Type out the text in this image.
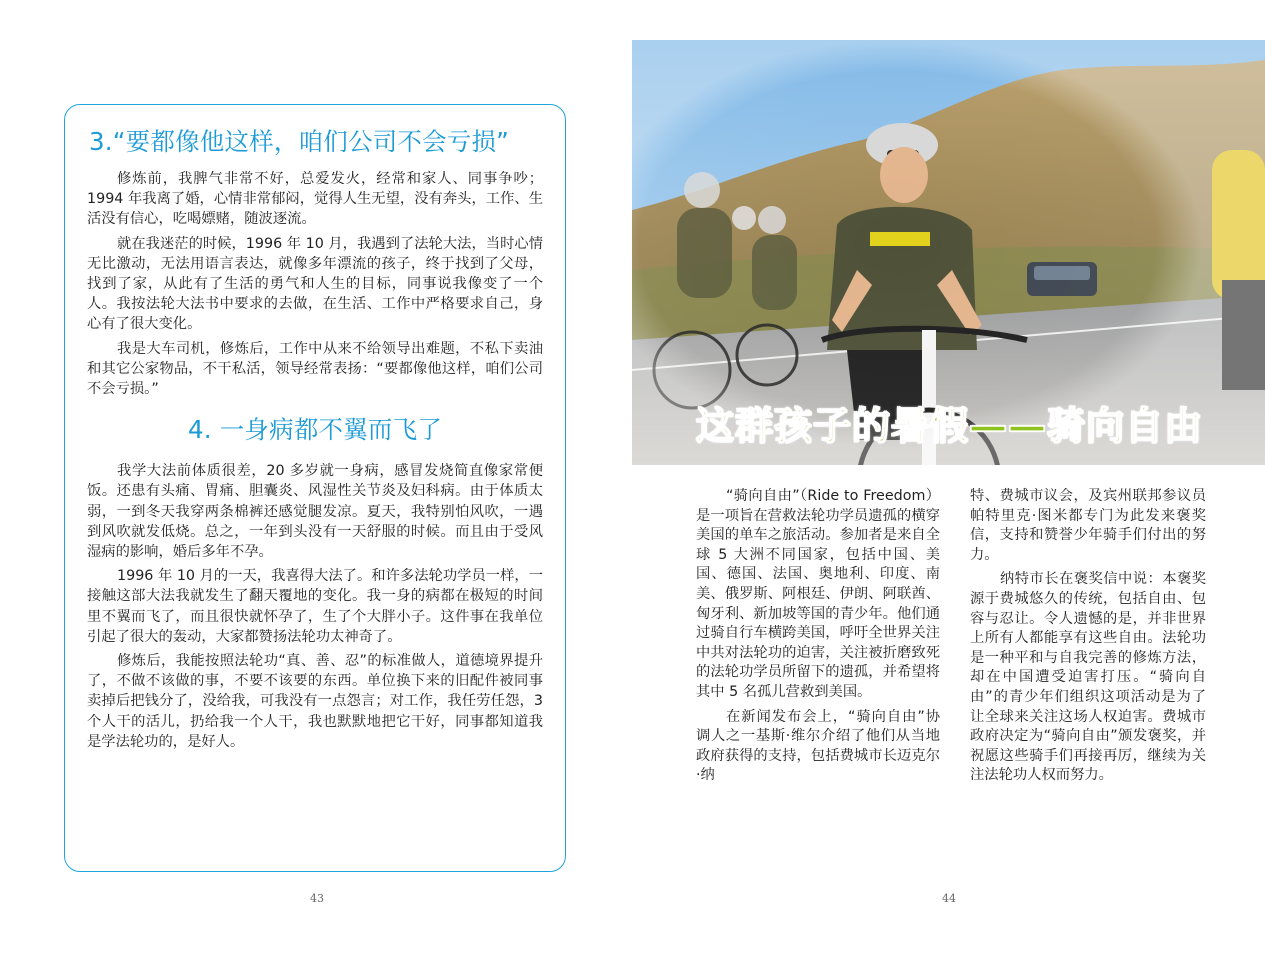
3.“要都像他这样，咱们公司不会亏损”

修炼前，我脾气非常不好，总爱发火，经常和家人、同事争吵；1994 年我离了婚，心情非常郁闷，觉得人生无望，没有奔头，工作、生活没有信心，吃喝嫖赌，随波逐流。

就在我迷茫的时候，1996 年 10 月，我遇到了法轮大法，当时心情无比激动，无法用语言表达，就像多年漂流的孩子，终于找到了父母，找到了家，从此有了生活的勇气和人生的目标，同事说我像变了一个人。我按法轮大法书中要求的去做，在生活、工作中严格要求自己，身心有了很大变化。

我是大车司机，修炼后，工作中从来不给领导出难题，不私下卖油和其它公家物品，不干私活，领导经常表扬：“要都像他这样，咱们公司不会亏损。”

4. 一身病都不翼而飞了

我学大法前体质很差，20 多岁就一身病，感冒发烧简直像家常便饭。还患有头痛、胃痛、胆囊炎、风湿性关节炎及妇科病。由于体质太弱，一到冬天我穿两条棉裤还感觉腿发凉。夏天，我特别怕风吹，一遇到风吹就发低烧。总之，一年到头没有一天舒服的时候。而且由于受风湿病的影响，婚后多年不孕。

1996 年 10 月的一天，我喜得大法了。和许多法轮功学员一样，一接触这部大法我就发生了翻天覆地的变化。我一身的病都在极短的时间里不翼而飞了，而且很快就怀孕了，生了个大胖小子。这件事在我单位引起了很大的轰动，大家都赞扬法轮功太神奇了。

修炼后，我能按照法轮功“真、善、忍”的标准做人，道德境界提升了，不做不该做的事，不要不该要的东西。单位换下来的旧配件被同事卖掉后把钱分了，没给我，可我没有一点怨言；对工作，我任劳任怨，3 个人干的活儿，扔给我一个人干，我也默默地把它干好，同事都知道我是学法轮功的，是好人。

43
这群孩子的暑假——骑向自由

“骑向自由”（Ride to Freedom）是一项旨在营救法轮功学员遗孤的横穿美国的单车之旅活动。参加者是来自全球 5 大洲不同国家，包括中国、美国、德国、法国、奥地利、印度、南美、俄罗斯、阿根廷、伊朗、阿联酋、匈牙利、新加坡等国的青少年。他们通过骑自行车横跨美国，呼吁全世界关注中共对法轮功的迫害，关注被折磨致死的法轮功学员所留下的遗孤，并希望将其中 5 名孤儿营救到美国。

在新闻发布会上，“骑向自由”协调人之一基斯·维尔介绍了他们从当地政府获得的支持，包括费城市长迈克尔·纳

特、费城市议会，及宾州联邦参议员帕特里克·图米都专门为此发来褒奖信，支持和赞誉少年骑手们付出的努力。

纳特市长在褒奖信中说：本褒奖源于费城悠久的传统，包括自由、包容与忍让。令人遗憾的是，并非世界上所有人都能享有这些自由。法轮功是一种平和与自我完善的修炼方法，却在中国遭受迫害打压。“骑向自由”的青少年们组织这项活动是为了让全球来关注这场人权迫害。费城市政府决定为“骑向自由”颁发褒奖，并祝愿这些骑手们再接再厉，继续为关注法轮功人权而努力。

44
